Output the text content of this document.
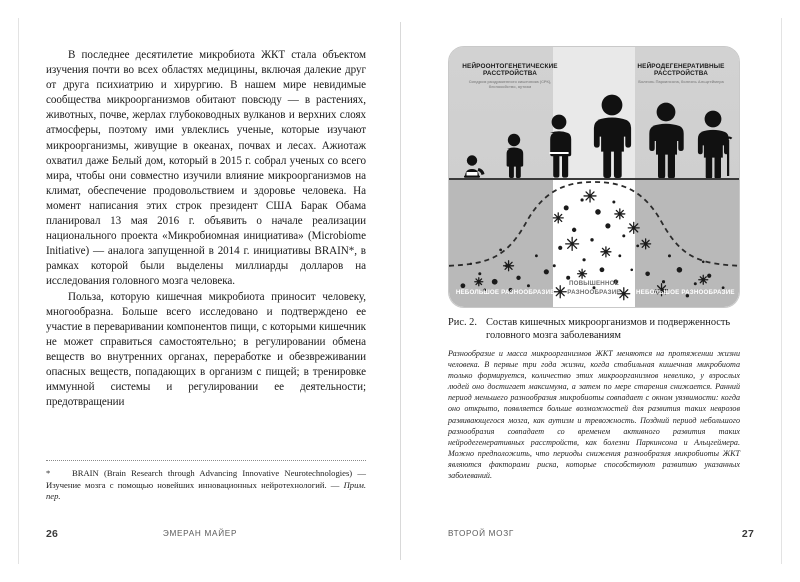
В последнее десятилетие микробиота ЖКТ стала объектом изучения почти во всех областях медицины, включая далекие друг от друга психиатрию и хирургию. В нашем мире невидимые сообщества микроорганизмов обитают повсюду — в растениях, животных, почве, жерлах глубоководных вулканов и верхних слоях атмосферы, поэтому ими увлеклись ученые, которые изучают микроорганизмы, живущие в океанах, почвах и лесах. Ажиотаж охватил даже Белый дом, который в 2015 г. собрал ученых со всего мира, чтобы они совместно изучили влияние микроорганизмов на климат, обеспечение продовольствием и здоровье человека. На момент написания этих строк президент США Барак Обама планировал 13 мая 2016 г. объявить о начале реализации национального проекта «Микробиомная инициатива» (Microbiome Initiative) — аналога запущенной в 2014 г. инициативы BRAIN*, в рамках которой были выделены миллиарды долларов на исследования головного мозга человека.

Польза, которую кишечная микробиота приносит человеку, многообразна. Больше всего исследовано и подтверждено ее участие в переваривании компонентов пищи, с которыми кишечник не может справиться самостоятельно; в регулировании обмена веществ во внутренних органах, переработке и обезвреживании опасных веществ, попадающих в организм с пищей; в тренировке иммунной системы и регулировании ее деятельности; предотвращении

*	BRAIN (Brain Research through Advancing Innovative Neurotechnologies) — Изучение мозга с помощью новейших инновационных нейротехнологий. — Прим. пер.
26	ЭМЕРАН МАЙЕР
НЕЙРООНТОГЕНЕТИЧЕСКИЕ РАССТРОЙСТВА
Синдром раздраженного кишечника (СРК), беспокойство, аутизм
НЕЙРОДЕГЕНЕРАТИВНЫЕ РАССТРОЙСТВА
Болезнь Паркинсона, болезнь Альцгеймера
НЕБОЛЬШОЕ РАЗНООБРАЗИЕ
ПОВЫШЕННОЕ РАЗНООБРАЗИЕ	НЕБОЛЬШОЕ РАЗНООБРАЗИЕ
Рис. 2. Состав кишечных микроорганизмов и подверженность
головного мозга заболеваниям
Разнообразие и масса микроорганизмов ЖКТ меняются на протяжении жизни человека. В первые три года жизни, когда стабильная кишечная микробиота только формируется, количество этих микроорганизмов невелико, у взрослых людей оно достигает максимума, а затем по мере старения снижается. Ранний период меньшего разнообразия микробиоты совпадает с окном уязвимости: когда оно открыто, появляется больше возможностей для развития таких неврозов развивающегося мозга, как аутизм и тревожность. Поздний период небольшого разнообразия совпадает со временем активного развития таких нейродегенеративных расстройств, как болезни Паркинсона и Альцгеймера. Можно предположить, что периоды снижения разнообразия микробиоты ЖКТ являются факторами риска, которые способствуют развитию указанных заболеваний.
ВТОРОЙ МОЗГ	27
